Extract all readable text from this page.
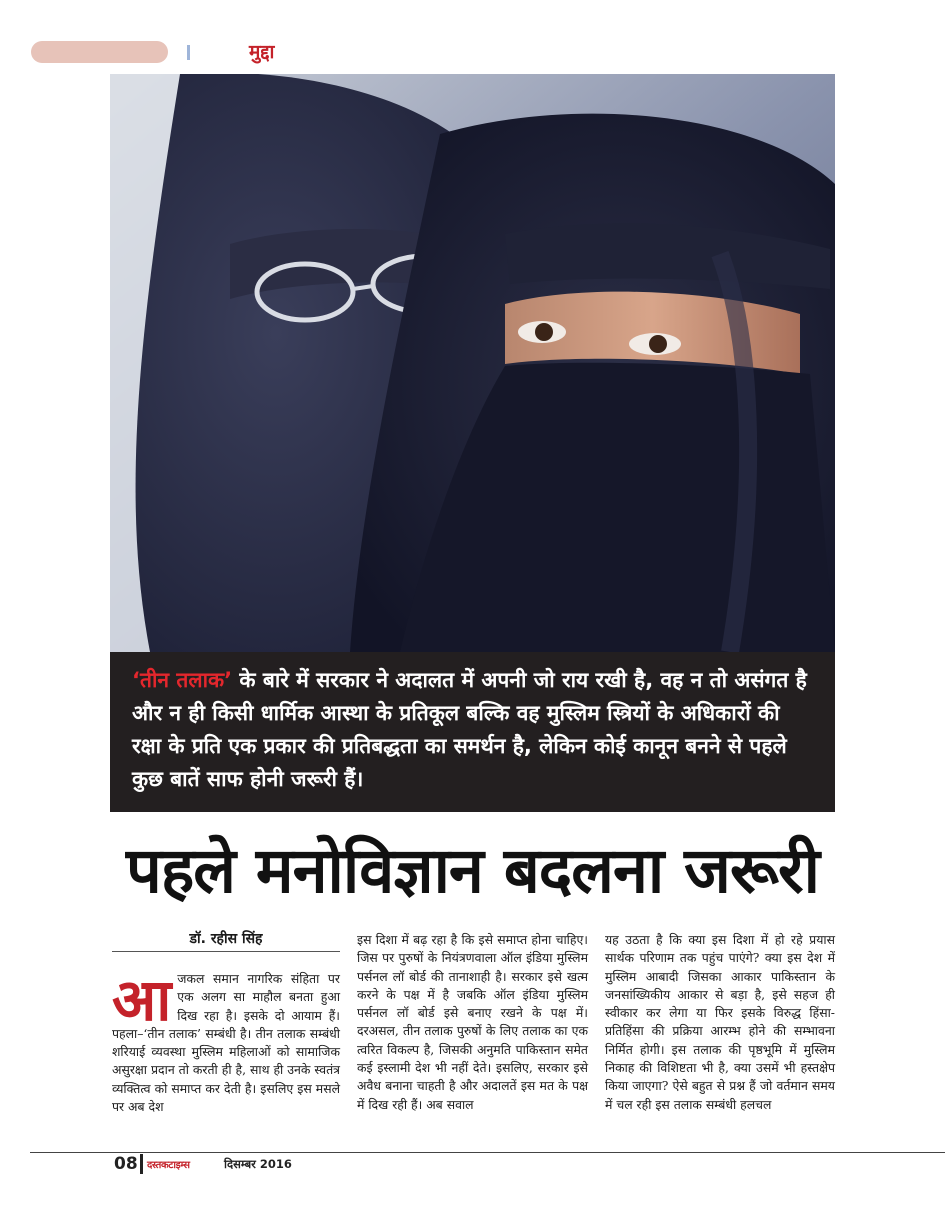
मुद्दा
‘तीन तलाक’ के बारे में सरकार ने अदालत में अपनी जो राय रखी है, वह न तो असंगत है और न ही किसी धार्मिक आस्था के प्रतिकूल बल्कि वह मुस्लिम स्त्रियों के अधिकारों की रक्षा के प्रति एक प्रकार की प्रतिबद्धता का समर्थन है, लेकिन कोई कानून बनने से पहले कुछ बातें साफ होनी जरूरी हैं।
पहले मनोविज्ञान बदलना जरूरी
डॉ. रहीस सिंह
आजकल समान नागरिक संहिता पर एक अलग सा माहौल बनता हुआ दिख रहा है। इसके दो आयाम हैं। पहला–‘तीन तलाक’ सम्बंधी है। तीन तलाक सम्बंधी शरियाई व्यवस्था मुस्लिम महिलाओं को सामाजिक असुरक्षा प्रदान तो करती ही है, साथ ही उनके स्वतंत्र व्यक्तित्व को समाप्त कर देती है। इसलिए इस मसले पर अब देश
इस दिशा में बढ़ रहा है कि इसे समाप्त होना चाहिए। जिस पर पुरुषों के नियंत्रणवाला ऑल इंडिया मुस्लिम पर्सनल लॉ बोर्ड की तानाशाही है। सरकार इसे खत्म करने के पक्ष में है जबकि ऑल इंडिया मुस्लिम पर्सनल लॉ बोर्ड इसे बनाए रखने के पक्ष में। दरअसल, तीन तलाक पुरुषों के लिए तलाक का एक त्वरित विकल्प है, जिसकी अनुमति पाकिस्तान समेत कई इस्लामी देश भी नहीं देते। इसलिए, सरकार इसे अवैध बनाना चाहती है और अदालतें इस मत के पक्ष में दिख रही हैं। अब सवाल
यह उठता है कि क्या इस दिशा में हो रहे प्रयास सार्थक परिणाम तक पहुंच पाएंगे? क्या इस देश में मुस्लिम आबादी जिसका आकार पाकिस्तान के जनसांख्यिकीय आकार से बड़ा है, इसे सहज ही स्वीकार कर लेगा या फिर इसके विरुद्ध हिंसा-प्रतिहिंसा की प्रक्रिया आरम्भ होने की सम्भावना निर्मित होगी। इस तलाक की पृष्ठभूमि में मुस्लिम निकाह की विशिष्टता भी है, क्या उसमें भी हस्तक्षेप किया जाएगा? ऐसे बहुत से प्रश्न हैं जो वर्तमान समय में चल रही इस तलाक सम्बंधी हलचल
08 दस्तकटाइम्स	दिसम्बर 2016
